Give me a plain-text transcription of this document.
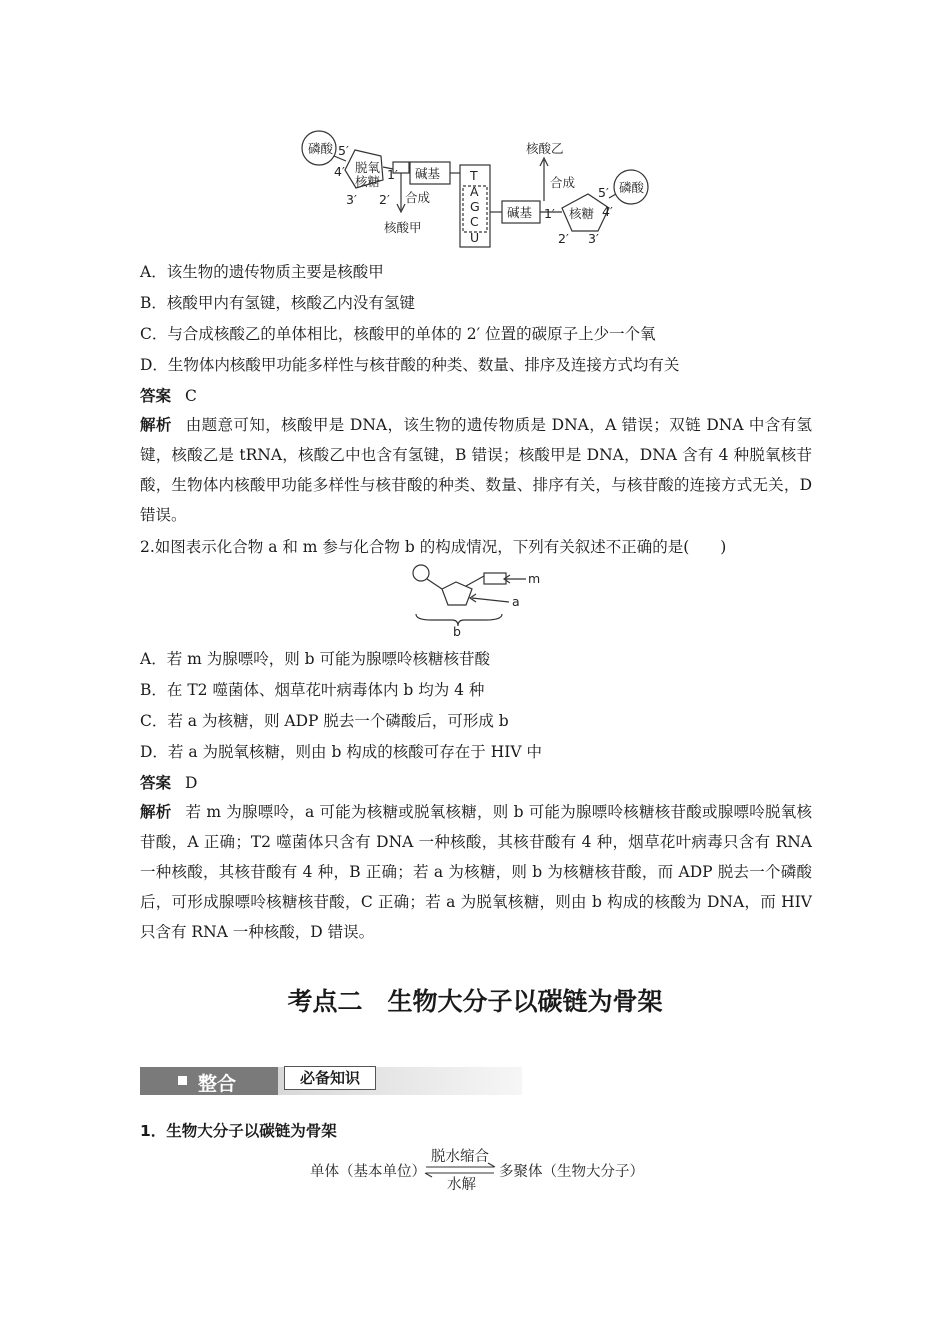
磷酸
脱氧
核糖
5′
4′
3′ 2′
1′ 碱基
合成
核酸甲
T
A
G
C
U
碱基 1′ 核糖
5′
4′
2′ 3′
磷酸
合成
核酸乙
A．该生物的遗传物质主要是核酸甲
B．核酸甲内有氢键，核酸乙内没有氢键
C．与合成核酸乙的单体相比，核酸甲的单体的 2′ 位置的碳原子上少一个氧
D．生物体内核酸甲功能多样性与核苷酸的种类、数量、排序及连接方式均有关
答案 C
解析 由题意可知，核酸甲是 DNA，该生物的遗传物质是 DNA，A 错误；双链 DNA 中含有氢键，核酸乙是 tRNA，核酸乙中也含有氢键，B 错误；核酸甲是 DNA，DNA 含有 4 种脱氧核苷酸，生物体内核酸甲功能多样性与核苷酸的种类、数量、排序有关，与核苷酸的连接方式无关，D 错误。
2.如图表示化合物 a 和 m 参与化合物 b 的构成情况，下列有关叙述不正确的是(　　)
m
a
b
A．若 m 为腺嘌呤，则 b 可能为腺嘌呤核糖核苷酸
B．在 T2 噬菌体、烟草花叶病毒体内 b 均为 4 种
C．若 a 为核糖，则 ADP 脱去一个磷酸后，可形成 b
D．若 a 为脱氧核糖，则由 b 构成的核酸可存在于 HIV 中
答案 D
解析 若 m 为腺嘌呤，a 可能为核糖或脱氧核糖，则 b 可能为腺嘌呤核糖核苷酸或腺嘌呤脱氧核苷酸，A 正确；T2 噬菌体只含有 DNA 一种核酸，其核苷酸有 4 种，烟草花叶病毒只含有 RNA 一种核酸，其核苷酸有 4 种，B 正确；若 a 为核糖，则 b 为核糖核苷酸，而 ADP 脱去一个磷酸后，可形成腺嘌呤核糖核苷酸，C 正确；若 a 为脱氧核糖，则由 b 构成的核酸为 DNA，而 HIV 只含有 RNA 一种核酸，D 错误。
考点二　生物大分子以碳链为骨架
整合	必备知识
1．生物大分子以碳链为骨架
单体（基本单位）
脱水缩合
水解
多聚体（生物大分子）
